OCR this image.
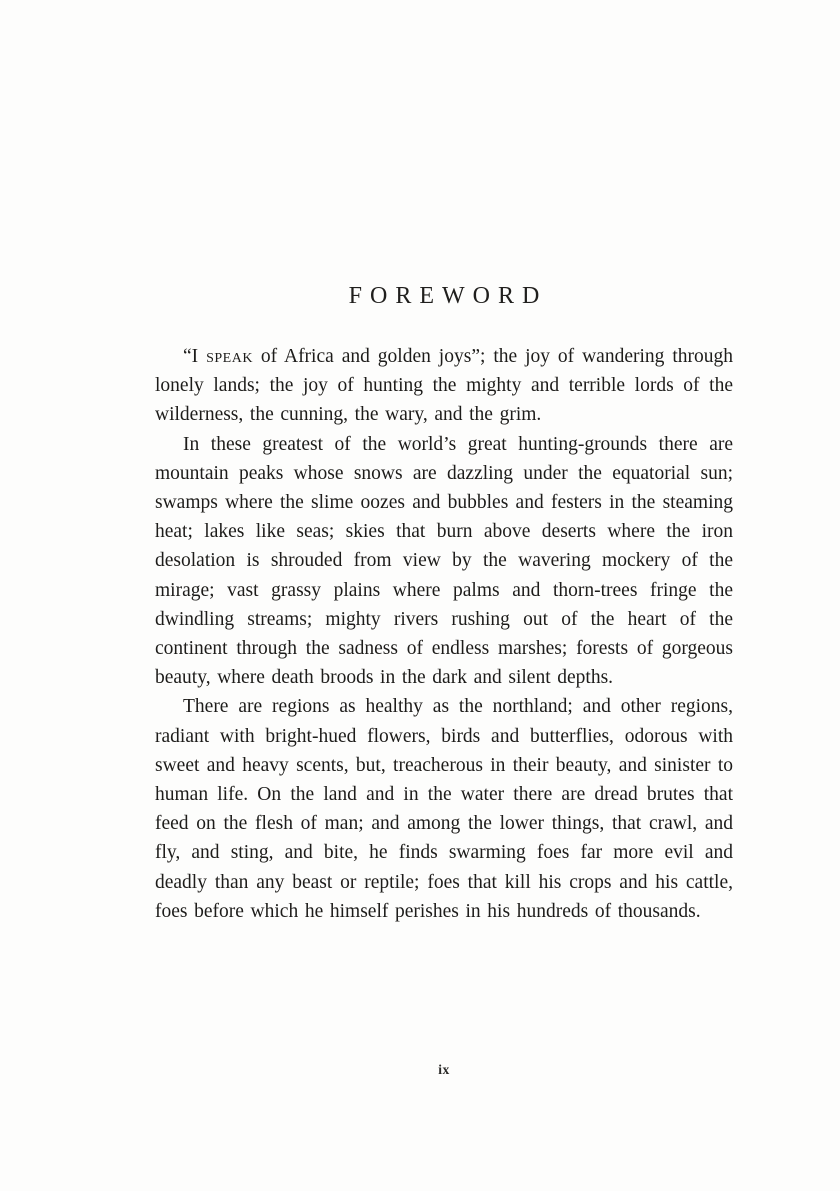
FOREWORD

“I speak of Africa and golden joys”; the joy of wandering through lonely lands; the joy of hunting the mighty and terrible lords of the wilderness, the cunning, the wary, and the grim.

In these greatest of the world’s great hunting-grounds there are mountain peaks whose snows are dazzling under the equatorial sun; swamps where the slime oozes and bubbles and festers in the steaming heat; lakes like seas; skies that burn above deserts where the iron desolation is shrouded from view by the wavering mockery of the mirage; vast grassy plains where palms and thorn-trees fringe the dwindling streams; mighty rivers rushing out of the heart of the continent through the sadness of endless marshes; forests of gorgeous beauty, where death broods in the dark and silent depths.

There are regions as healthy as the northland; and other regions, radiant with bright-hued flowers, birds and butterflies, odorous with sweet and heavy scents, but, treacherous in their beauty, and sinister to human life. On the land and in the water there are dread brutes that feed on the flesh of man; and among the lower things, that crawl, and fly, and sting, and bite, he finds swarming foes far more evil and deadly than any beast or reptile; foes that kill his crops and his cattle, foes before which he himself perishes in his hundreds of thousands.

ix
